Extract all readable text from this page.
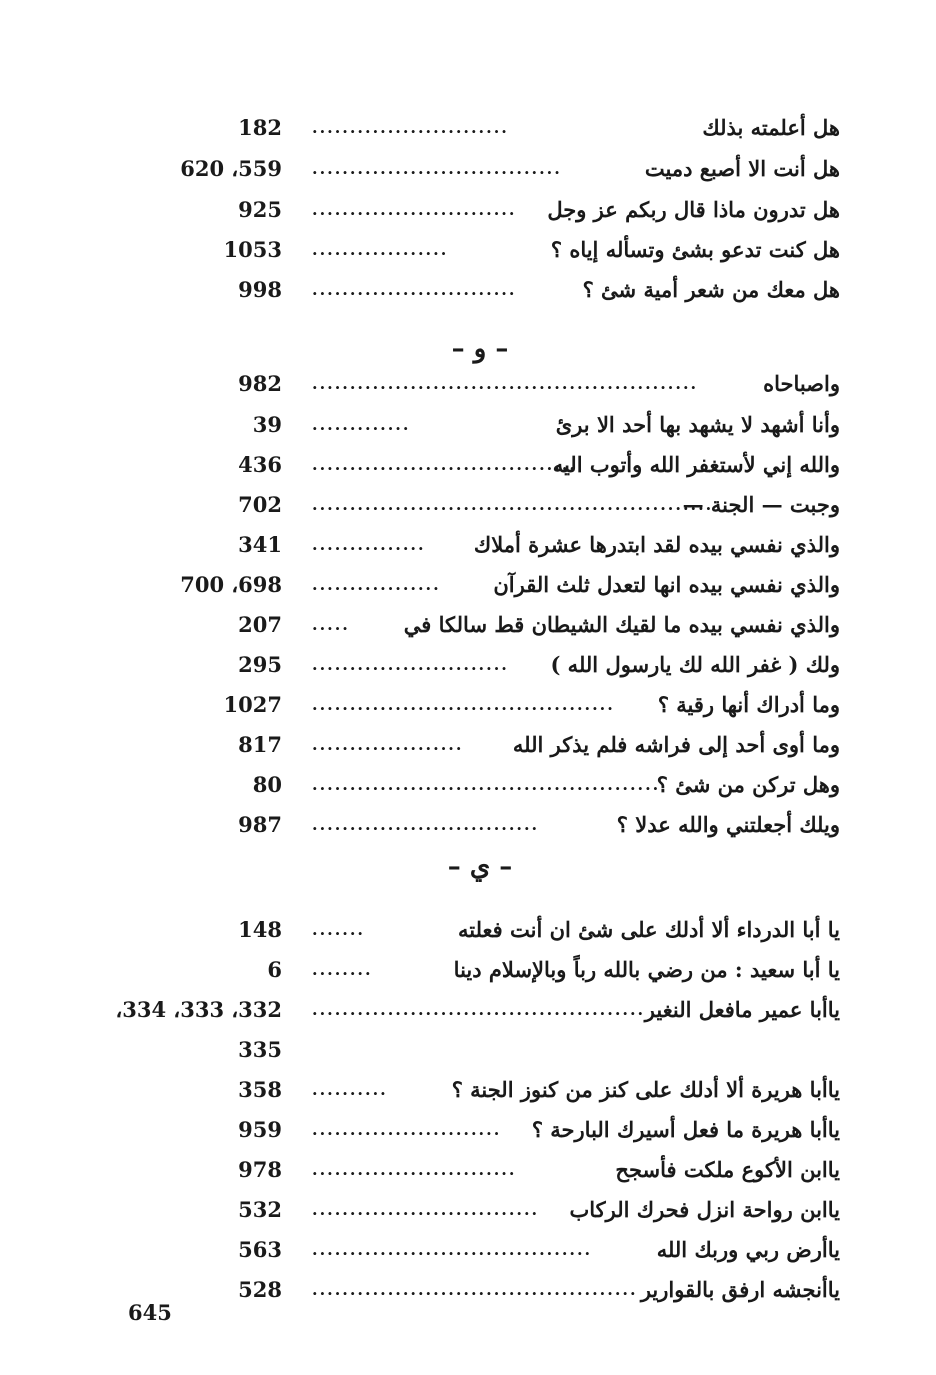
هل أعلمته بذلك
..........................
182
هل أنت الا أصبع دميت
.................................
559، 620
هل تدرون ماذا قال ربكم عز وجل
...........................
925
هل كنت تدعو بشئ وتسأله إياه ؟
..................
1053
هل معك من شعر أمية شئ ؟
...........................
998
– و –
واصباحاه
...................................................
982
وأنا أشهد لا يشهد بها أحد الا برئ
.............
39
والله إني لأستغفر الله وأتوب اليه
...................................
436
وجبت — الجنة —
.....................................................
702
والذي نفسي بيده لقد ابتدرها عشرة أملاك
...............
341
والذي نفسي بيده انها لتعدل ثلث القرآن
.................
698، 700
والذي نفسي بيده ما لقيك الشيطان قط سالكا في
.....
207
ولك ( غفر الله لك يارسول الله )
..........................
295
وما أدراك أنها رقية ؟
........................................
1027
وما أوى أحد إلى فراشه فلم يذكر الله
....................
817
وهل تركن من شئ ؟
..............................................
80
ويلك أجعلتني والله عدلا ؟
..............................
987
– ي –
يا أبا الدرداء ألا أدلك على شئ ان أنت فعلته
.......
148
يا أبا سعيد : من رضي بالله رباً وبالإسلام دينا
........
6
ياأبا عمير مافعل النغير
............................................
332، 333، 334،
335
ياأبا هريرة ألا أدلك على كنز من كنوز الجنة ؟
..........
358
ياأبا هريرة ما فعل أسيرك البارحة ؟
.........................
959
ياابن الأكوع ملكت فأسجح
...........................
978
ياابن رواحة انزل فحرك الركاب
..............................
532
ياأرض ربي وربك الله
.....................................
563
ياأنجشه ارفق بالقوارير
...........................................
528
645
